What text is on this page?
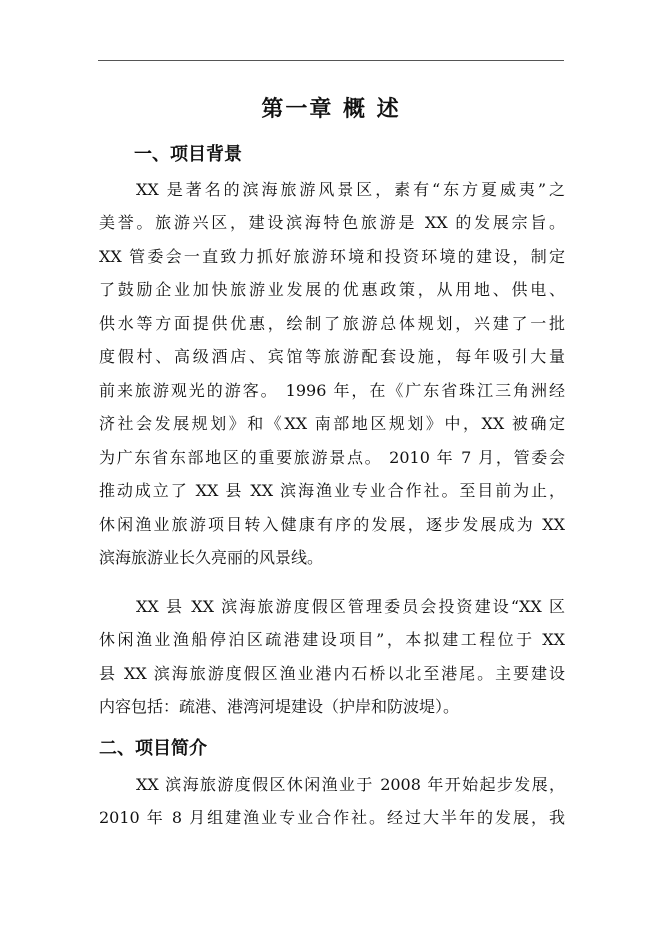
第一章 概 述
一、项目背景
XX 是著名的滨海旅游风景区，素有“东方夏威夷”之
美誉。旅游兴区，建设滨海特色旅游是 XX 的发展宗旨。
XX 管委会一直致力抓好旅游环境和投资环境的建设，制定
了鼓励企业加快旅游业发展的优惠政策，从用地、供电、
供水等方面提供优惠，绘制了旅游总体规划，兴建了一批
度假村、高级酒店、宾馆等旅游配套设施，每年吸引大量
前来旅游观光的游客。 1996 年，在《广东省珠江三角洲经
济社会发展规划》和《XX 南部地区规划》中，XX 被确定
为广东省东部地区的重要旅游景点。 2010 年 7 月，管委会
推动成立了 XX 县 XX 滨海渔业专业合作社。至目前为止，
休闲渔业旅游项目转入健康有序的发展，逐步发展成为 XX
滨海旅游业长久亮丽的风景线。
XX 县 XX 滨海旅游度假区管理委员会投资建设“XX 区
休闲渔业渔船停泊区疏港建设项目”，本拟建工程位于 XX
县 XX 滨海旅游度假区渔业港内石桥以北至港尾。主要建设
内容包括：疏港、港湾河堤建设（护岸和防波堤）。
二、项目简介
XX 滨海旅游度假区休闲渔业于 2008 年开始起步发展，
2010 年 8 月组建渔业专业合作社。经过大半年的发展，我
